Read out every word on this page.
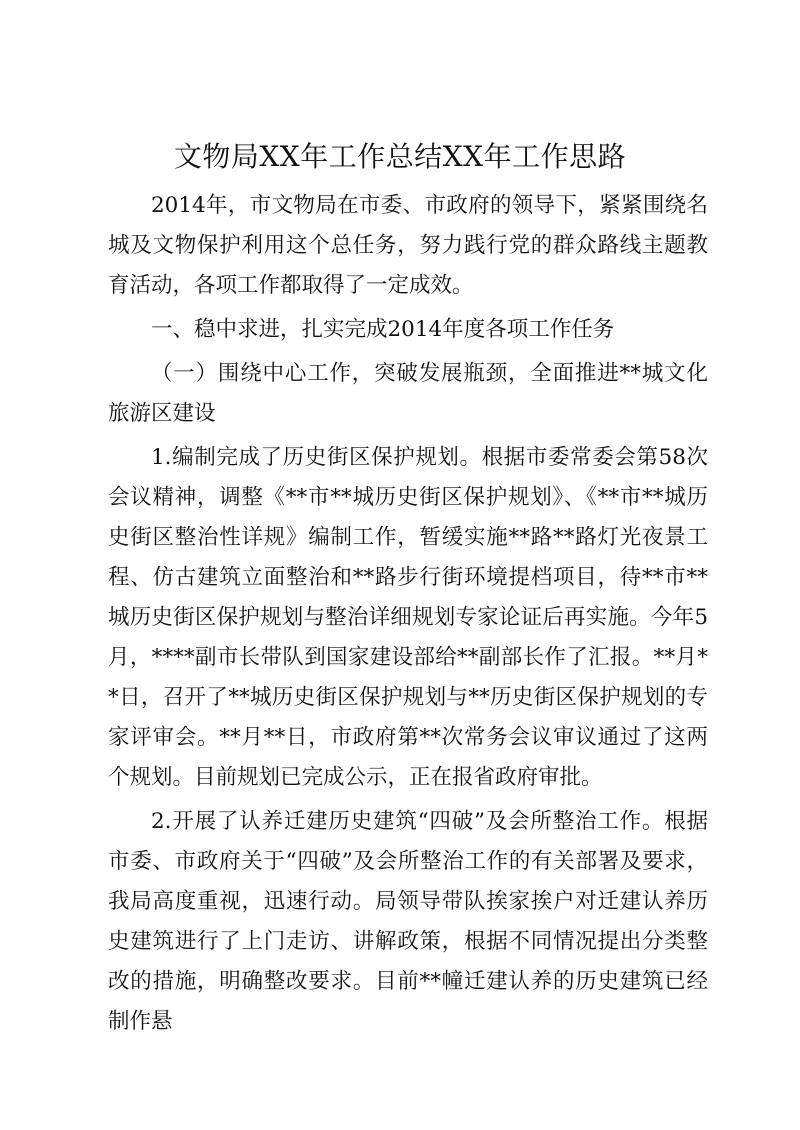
文物局XX年工作总结XX年工作思路

2014年，市文物局在市委、市政府的领导下，紧紧围绕名城及文物保护利用这个总任务，努力践行党的群众路线主题教育活动，各项工作都取得了一定成效。

一、稳中求进，扎实完成2014年度各项工作任务

（一）围绕中心工作，突破发展瓶颈，全面推进**城文化旅游区建设

1.编制完成了历史街区保护规划。根据市委常委会第58次会议精神，调整《**市**城历史街区保护规划》、《**市**城历史街区整治性详规》编制工作，暂缓实施**路**路灯光夜景工程、仿古建筑立面整治和**路步行街环境提档项目，待**市**城历史街区保护规划与整治详细规划专家论证后再实施。今年5月，****副市长带队到国家建设部给**副部长作了汇报。**月**日，召开了**城历史街区保护规划与**历史街区保护规划的专家评审会。**月**日，市政府第**次常务会议审议通过了这两个规划。目前规划已完成公示，正在报省政府审批。

2.开展了认养迁建历史建筑“四破”及会所整治工作。根据市委、市政府关于“四破”及会所整治工作的有关部署及要求，我局高度重视，迅速行动。局领导带队挨家挨户对迁建认养历史建筑进行了上门走访、讲解政策，根据不同情况提出分类整改的措施，明确整改要求。目前**幢迁建认养的历史建筑已经制作悬
